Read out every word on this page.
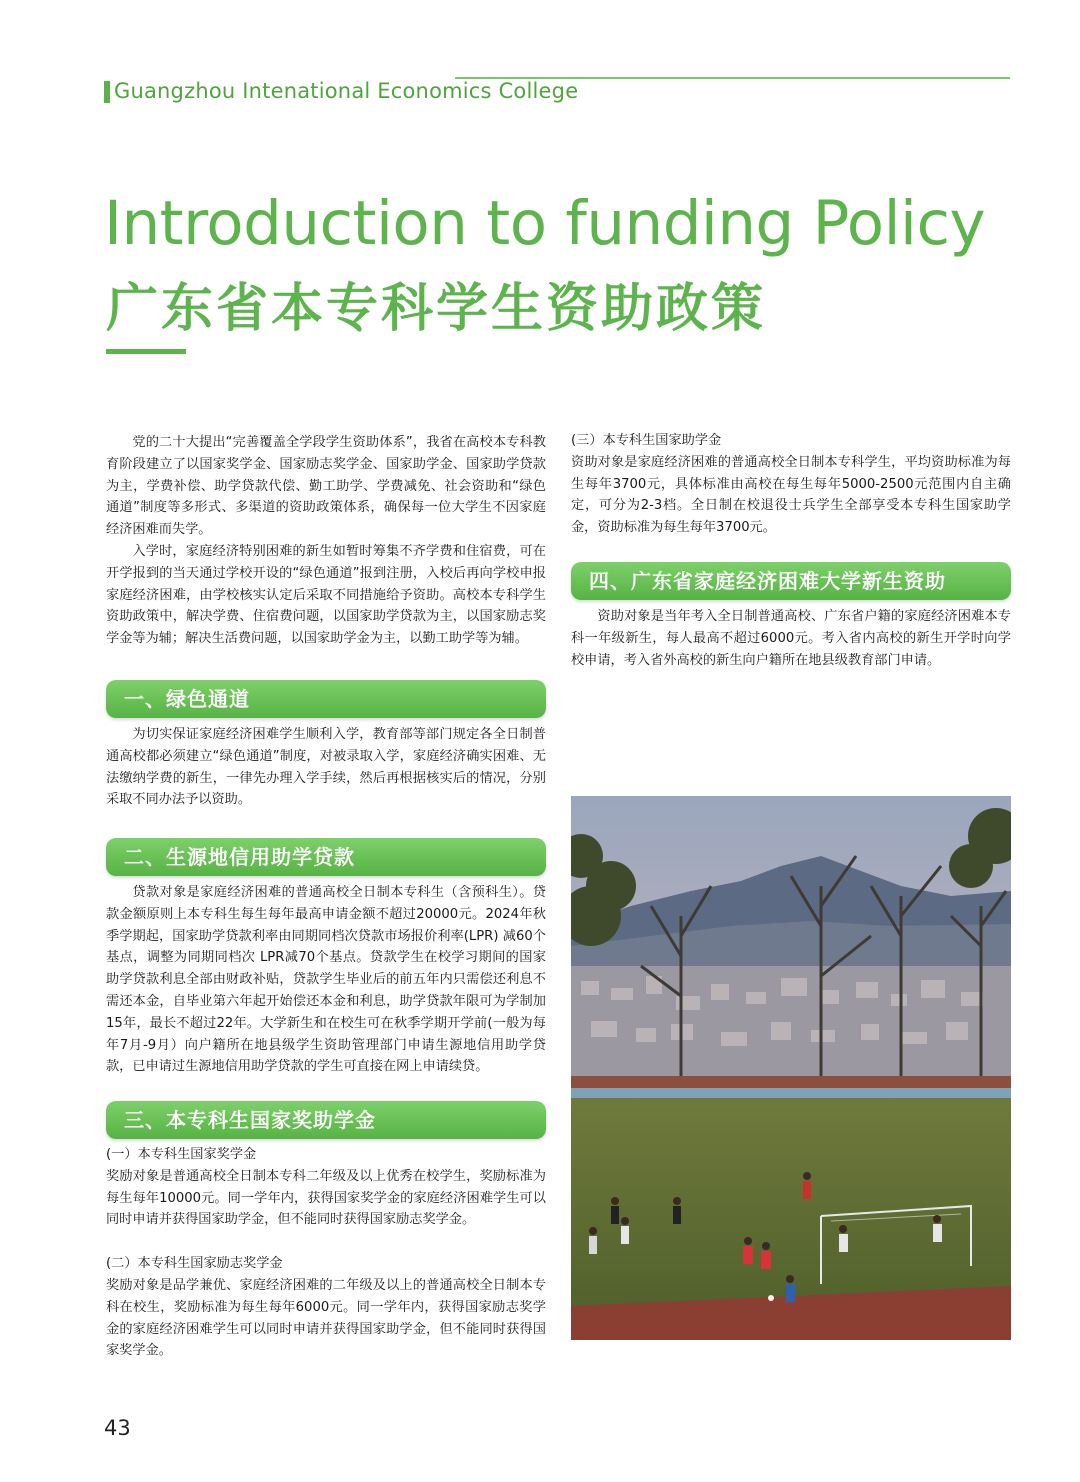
Guangzhou Intenational Economics College
Introduction to funding Policy
广东省本专科学生资助政策

党的二十大提出“完善覆盖全学段学生资助体系”，我省在高校本专科教育阶段建立了以国家奖学金、国家励志奖学金、国家助学金、国家助学贷款为主，学费补偿、助学贷款代偿、勤工助学、学费减免、社会资助和“绿色通道”制度等多形式、多渠道的资助政策体系，确保每一位大学生不因家庭经济困难而失学。

入学时，家庭经济特别困难的新生如暂时筹集不齐学费和住宿费，可在开学报到的当天通过学校开设的“绿色通道”报到注册，入校后再向学校申报家庭经济困难，由学校核实认定后采取不同措施给予资助。高校本专科学生资助政策中，解决学费、住宿费问题，以国家助学贷款为主，以国家励志奖学金等为辅；解决生活费问题，以国家助学金为主，以勤工助学等为辅。

一、绿色通道

为切实保证家庭经济困难学生顺利入学，教育部等部门规定各全日制普通高校都必须建立“绿色通道”制度，对被录取入学，家庭经济确实困难、无法缴纳学费的新生，一律先办理入学手续，然后再根据核实后的情况，分别采取不同办法予以资助。

二、生源地信用助学贷款

贷款对象是家庭经济困难的普通高校全日制本专科生（含预科生）。贷款金额原则上本专科生每生每年最高申请金额不超过20000元。2024年秋季学期起，国家助学贷款利率由同期同档次贷款市场报价利率(LPR) 减60个基点，调整为同期同档次 LPR减70个基点。贷款学生在校学习期间的国家助学贷款利息全部由财政补贴，贷款学生毕业后的前五年内只需偿还利息不需还本金，自毕业第六年起开始偿还本金和利息，助学贷款年限可为学制加15年，最长不超过22年。大学新生和在校生可在秋季学期开学前(一般为每年7月-9月）向户籍所在地县级学生资助管理部门申请生源地信用助学贷款，已申请过生源地信用助学贷款的学生可直接在网上申请续贷。

三、本专科生国家奖助学金

(一）本专科生国家奖学金

奖励对象是普通高校全日制本专科二年级及以上优秀在校学生，奖励标准为每生每年10000元。同一学年内，获得国家奖学金的家庭经济困难学生可以同时申请并获得国家助学金，但不能同时获得国家励志奖学金。

(二）本专科生国家励志奖学金

奖励对象是品学兼优、家庭经济困难的二年级及以上的普通高校全日制本专科在校生，奖励标准为每生每年6000元。同一学年内，获得国家励志奖学金的家庭经济困难学生可以同时申请并获得国家助学金，但不能同时获得国家奖学金。

(三）本专科生国家助学金

资助对象是家庭经济困难的普通高校全日制本专科学生，平均资助标准为每生每年3700元，具体标准由高校在每生每年5000-2500元范围内自主确定，可分为2-3档。全日制在校退役士兵学生全部享受本专科生国家助学金，资助标准为每生每年3700元。

四、广东省家庭经济困难大学新生资助

资助对象是当年考入全日制普通高校、广东省户籍的家庭经济困难本专科一年级新生，每人最高不超过6000元。考入省内高校的新生开学时向学校申请，考入省外高校的新生向户籍所在地县级教育部门申请。

43
